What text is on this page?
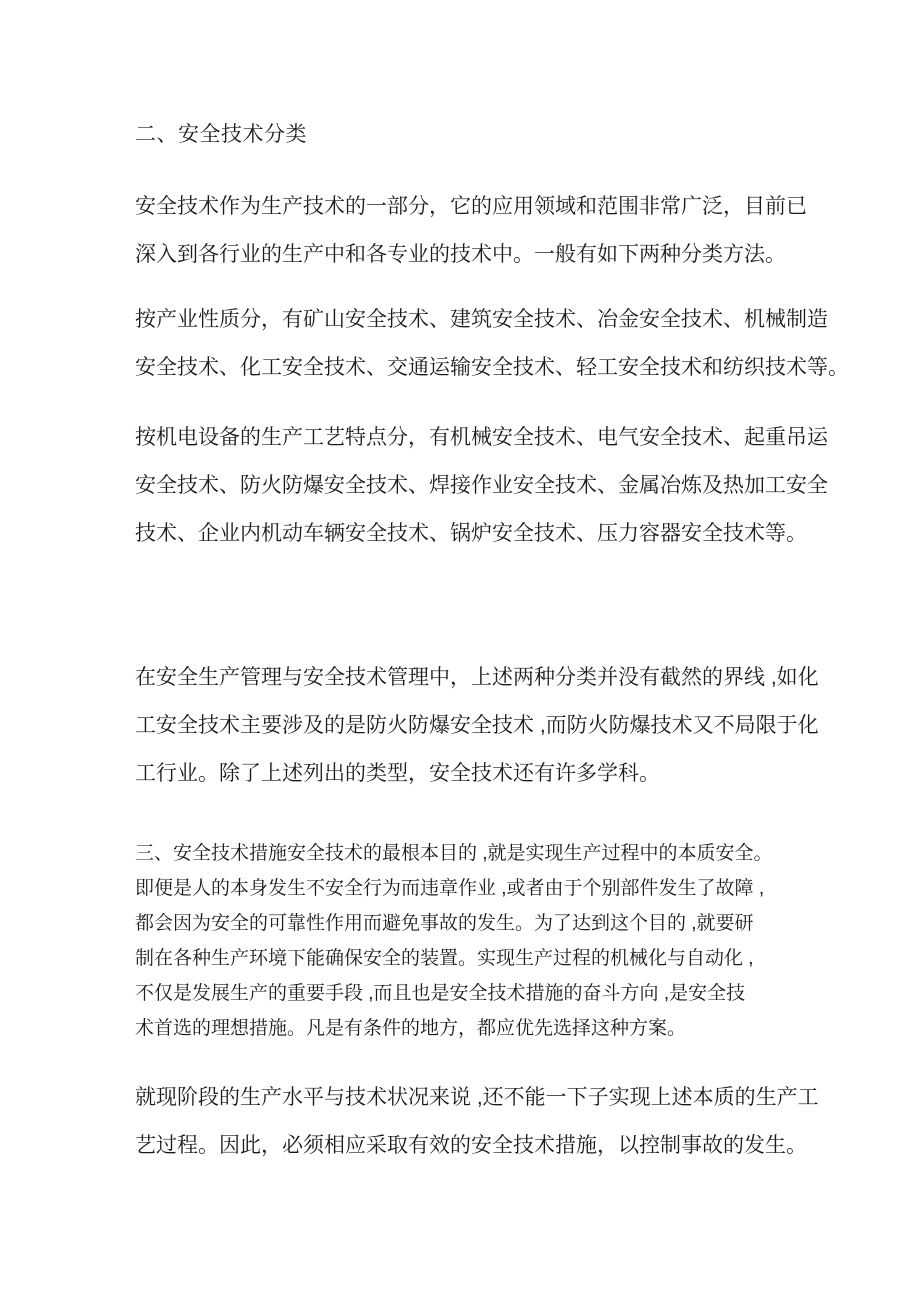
二、安全技术分类
安全技术作为生产技术的一部分，它的应用领域和范围非常广泛，目前已
深入到各行业的生产中和各专业的技术中。一般有如下两种分类方法。
按产业性质分，有矿山安全技术、建筑安全技术、冶金安全技术、机械制造
安全技术、化工安全技术、交通运输安全技术、轻工安全技术和纺织技术等。
按机电设备的生产工艺特点分，有机械安全技术、电气安全技术、起重吊运
安全技术、防火防爆安全技术、焊接作业安全技术、金属冶炼及热加工安全
技术、企业内机动车辆安全技术、锅炉安全技术、压力容器安全技术等。
在安全生产管理与安全技术管理中，上述两种分类并没有截然的界线 ,如化
工安全技术主要涉及的是防火防爆安全技术 ,而防火防爆技术又不局限于化
工行业。除了上述列出的类型，安全技术还有许多学科。
三、安全技术措施安全技术的最根本目的 ,就是实现生产过程中的本质安全。
即便是人的本身发生不安全行为而违章作业 ,或者由于个别部件发生了故障 ,
都会因为安全的可靠性作用而避免事故的发生。为了达到这个目的 ,就要研
制在各种生产环境下能确保安全的装置。实现生产过程的机械化与自动化 ,
不仅是发展生产的重要手段 ,而且也是安全技术措施的奋斗方向 ,是安全技
术首选的理想措施。凡是有条件的地方，都应优先选择这种方案。
就现阶段的生产水平与技术状况来说 ,还不能一下子实现上述本质的生产工
艺过程。因此，必须相应采取有效的安全技术措施，以控制事故的发生。
